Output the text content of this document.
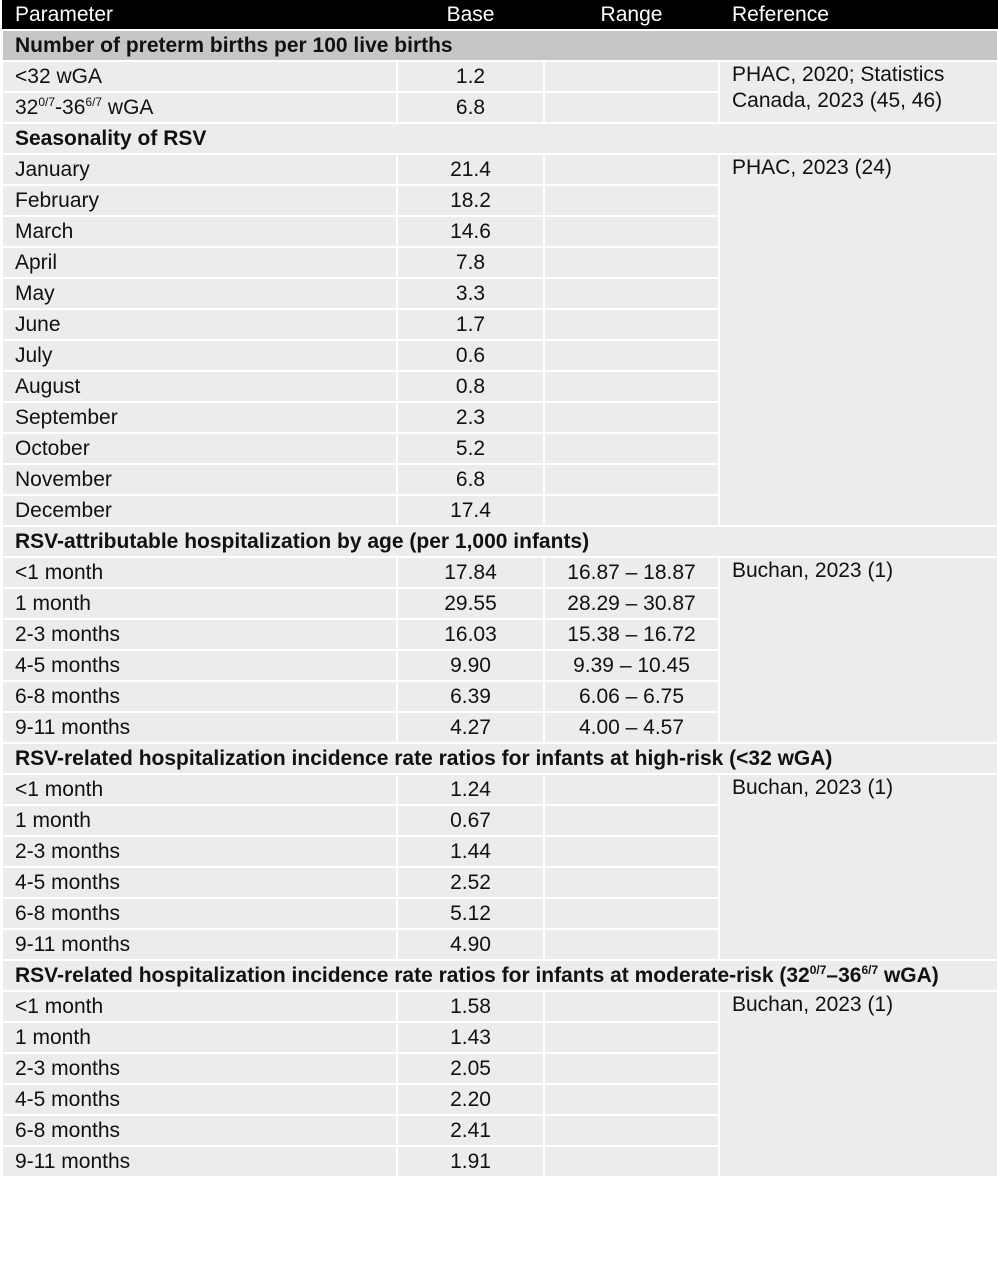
Parameter	Base	Range	Reference
Number of preterm births per 100 live births			
<32 wGA	1.2		PHAC, 2020; Statistics Canada, 2023 (45, 46)
$32^{0/7}-36^{6/7}$ wGA	6.8		
Seasonality of RSV			
January	21.4		PHAC, 2023 (24)
February	18.2		
March	14.6		
April	7.8		
May	3.3		
June	1.7		
July	0.6		
August	0.8		
September	2.3		
October	5.2		
November	6.8		
December	17.4		
RSV-attributable hospitalization by age (per 1,000 infants)			
<1 month	17.84	16.87 – 18.87	Buchan, 2023 (1)
1 month	29.55	28.29 – 30.87	
2-3 months	16.03	15.38 – 16.72	
4-5 months	9.90	9.39 – 10.45	
6-8 months	6.39	6.06 – 6.75	
9-11 months	4.27	4.00 – 4.57	
RSV-related hospitalization incidence rate ratios for infants at high-risk (<32 wGA)			
<1 month	1.24		Buchan, 2023 (1)
1 month	0.67		
2-3 months	1.44		
4-5 months	2.52		
6-8 months	5.12		
9-11 months	4.90		
RSV-related hospitalization incidence rate ratios for infants at moderate-risk ($32^{0/7}-36^{6/7}$ wGA)			
<1 month	1.58		Buchan, 2023 (1)
1 month	1.43		
2-3 months	2.05		
4-5 months	2.20		
6-8 months	2.41		
9-11 months	1.91		
